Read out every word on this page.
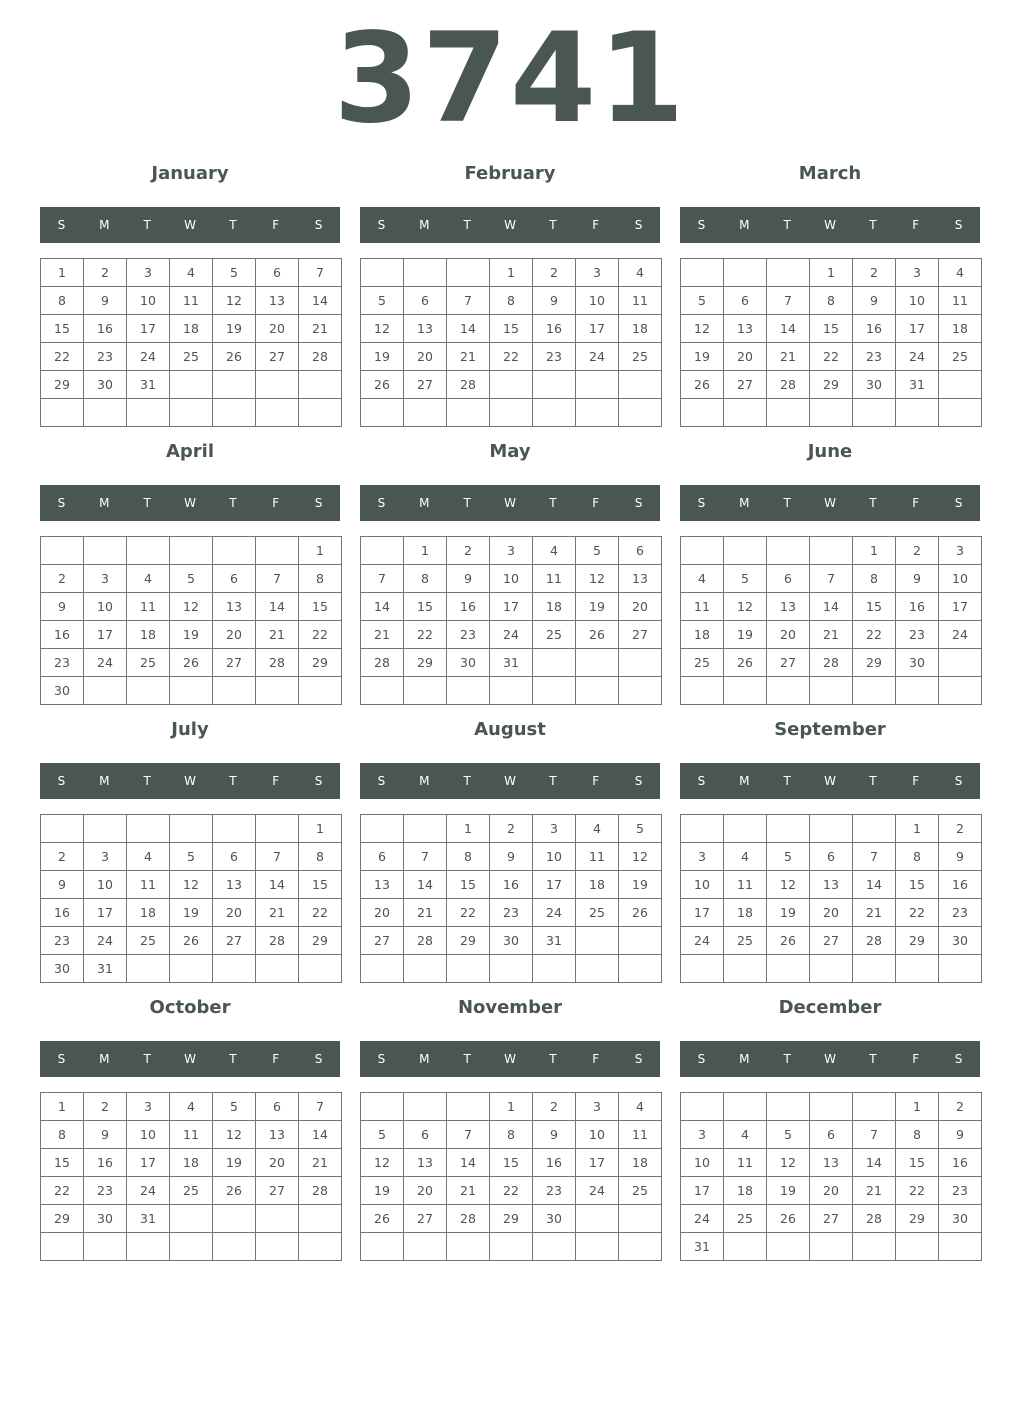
3741
January
S	M	T	W	T	F	S
1	2	3	4	5	6	7
8	9	10	11	12	13	14
15	16	17	18	19	20	21
22	23	24	25	26	27	28
29	30	31				

February
S	M	T	W	T	F	S
			1	2	3	4
5	6	7	8	9	10	11
12	13	14	15	16	17	18
19	20	21	22	23	24	25
26	27	28				

March
S	M	T	W	T	F	S
			1	2	3	4
5	6	7	8	9	10	11
12	13	14	15	16	17	18
19	20	21	22	23	24	25
26	27	28	29	30	31	

April
S	M	T	W	T	F	S
						1
2	3	4	5	6	7	8
9	10	11	12	13	14	15
16	17	18	19	20	21	22
23	24	25	26	27	28	29
30						
May
S	M	T	W	T	F	S
	1	2	3	4	5	6
7	8	9	10	11	12	13
14	15	16	17	18	19	20
21	22	23	24	25	26	27
28	29	30	31			

June
S	M	T	W	T	F	S
				1	2	3
4	5	6	7	8	9	10
11	12	13	14	15	16	17
18	19	20	21	22	23	24
25	26	27	28	29	30	

July
S	M	T	W	T	F	S
						1
2	3	4	5	6	7	8
9	10	11	12	13	14	15
16	17	18	19	20	21	22
23	24	25	26	27	28	29
30	31					
August
S	M	T	W	T	F	S
		1	2	3	4	5
6	7	8	9	10	11	12
13	14	15	16	17	18	19
20	21	22	23	24	25	26
27	28	29	30	31		

September
S	M	T	W	T	F	S
					1	2
3	4	5	6	7	8	9
10	11	12	13	14	15	16
17	18	19	20	21	22	23
24	25	26	27	28	29	30

October
S	M	T	W	T	F	S
1	2	3	4	5	6	7
8	9	10	11	12	13	14
15	16	17	18	19	20	21
22	23	24	25	26	27	28
29	30	31				

November
S	M	T	W	T	F	S
			1	2	3	4
5	6	7	8	9	10	11
12	13	14	15	16	17	18
19	20	21	22	23	24	25
26	27	28	29	30		

December
S	M	T	W	T	F	S
					1	2
3	4	5	6	7	8	9
10	11	12	13	14	15	16
17	18	19	20	21	22	23
24	25	26	27	28	29	30
31						
